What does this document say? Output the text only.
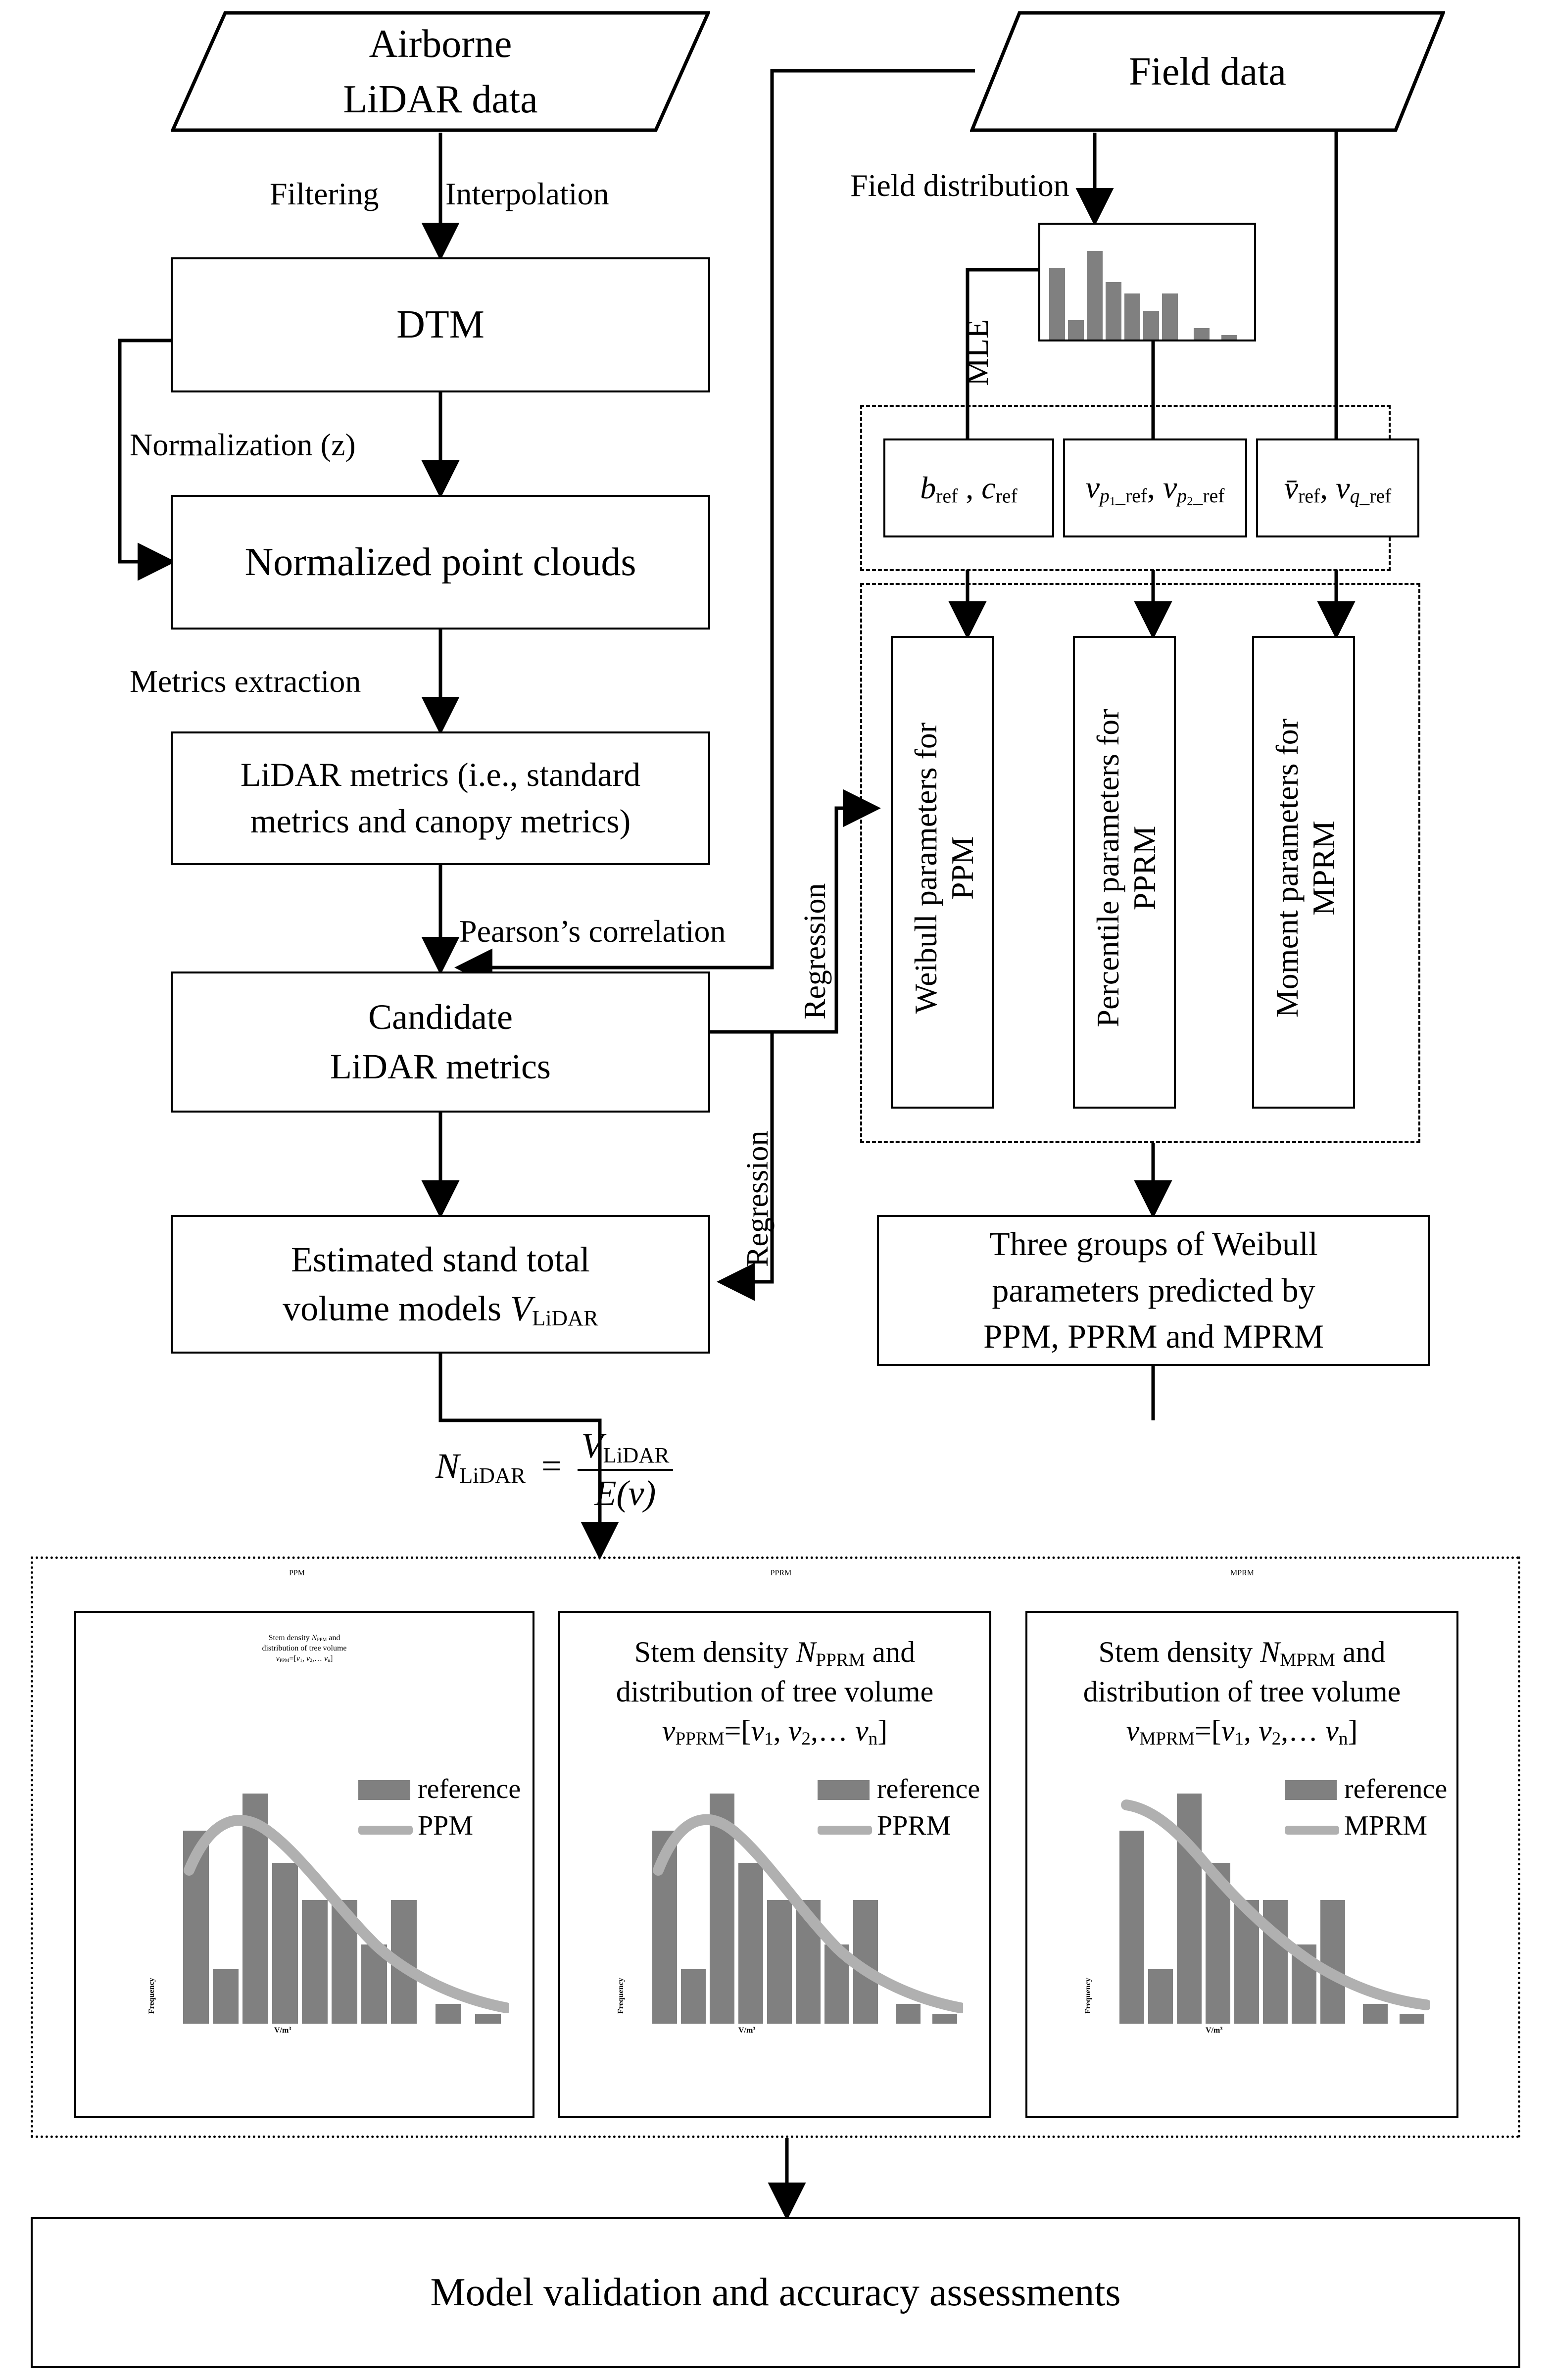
Airborne
LiDAR data
Field data
Filtering Interpolation	Field distribution
MLE
DTM
Normalization (z)
Normalized point clouds
Metrics extraction
LiDAR metrics (i.e., standard
metrics and canopy metrics)
Pearson’s correlation
Candidate
LiDAR metrics
Regression
Regression
Estimated stand total
volume models $V_{LiDAR}$
$N_{LiDAR} = \frac{V_{LiDAR}}{E(v)}$
$b_{ref}$ , $c_{ref}$ $v_{p_1\_ref}$, $v_{p_2\_ref}$ $v̄_{ref}$, $v_{q\_ref}$
Weibull parameters for
PPM	Percentile parameters for
PPRM	Moment parameters for
MPRM
Three groups of Weibull
parameters predicted by
PPM, PPRM and MPRM
PPM
Stem density $N_{PPM}$ and
distribution of tree volume
$v_{PPM}=[v_1$, $v_2,\dots$ $v_n$]
Frequency
reference
PPM
$V/m^3$
PPRM
Stem density $N_{PPRM}$ and
distribution of tree volume
$v_{PPRM}=[v_1$, $v_2,\dots$ $v_n$]
Frequency
reference
PPRM
$V/m^3$
MPRM
Stem density $N_{MPRM}$ and
distribution of tree volume
$v_{MPRM}=[v_1$, $v_2,\dots$ $v_n$]
Frequency
reference
MPRM
$V/m^3$
Model validation and accuracy assessments
